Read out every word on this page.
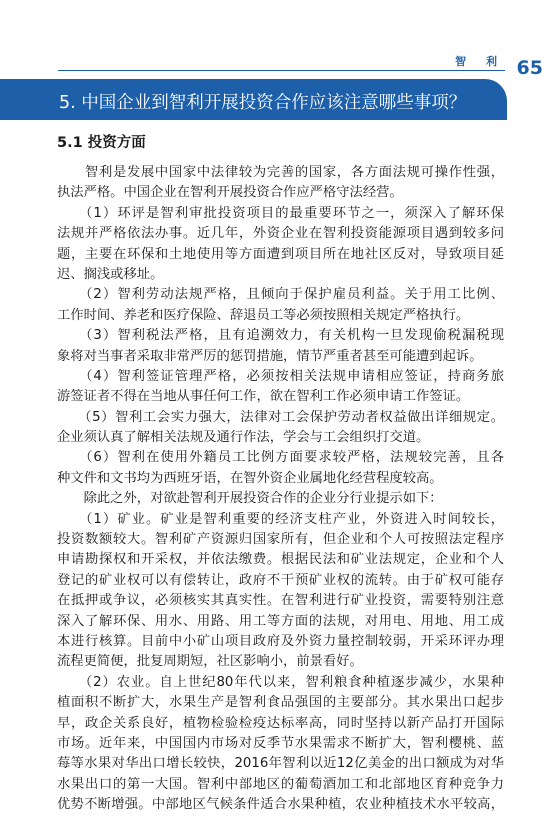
智 利 65
5. 中国企业到智利开展投资合作应该注意哪些事项？
5.1 投资方面
　　智利是发展中国家中法律较为完善的国家，各方面法规可操作性强，
执法严格。中国企业在智利开展投资合作应严格守法经营。
　　（1）环评是智利审批投资项目的最重要环节之一，须深入了解环保
法规并严格依法办事。近几年，外资企业在智利投资能源项目遇到较多问
题，主要在环保和土地使用等方面遭到项目所在地社区反对，导致项目延
迟、搁浅或移址。
　　（2）智利劳动法规严格，且倾向于保护雇员利益。关于用工比例、
工作时间、养老和医疗保险、辞退员工等必须按照相关规定严格执行。
　　（3）智利税法严格，且有追溯效力，有关机构一旦发现偷税漏税现
象将对当事者采取非常严厉的惩罚措施，情节严重者甚至可能遭到起诉。
　　（4）智利签证管理严格，必须按相关法规申请相应签证，持商务旅
游签证者不得在当地从事任何工作，欲在智利工作必须申请工作签证。
　　（5）智利工会实力强大，法律对工会保护劳动者权益做出详细规定。
企业须认真了解相关法规及通行作法，学会与工会组织打交道。
　　（6）智利在使用外籍员工比例方面要求较严格，法规较完善，且各
种文件和文书均为西班牙语，在智外资企业属地化经营程度较高。
　　除此之外，对欲赴智利开展投资合作的企业分行业提示如下：
　　（1）矿业。矿业是智利重要的经济支柱产业，外资进入时间较长，
投资数额较大。智利矿产资源归国家所有，但企业和个人可按照法定程序
申请勘探权和开采权，并依法缴费。根据民法和矿业法规定，企业和个人
登记的矿业权可以有偿转让，政府不干预矿业权的流转。由于矿权可能存
在抵押或争议，必须核实其真实性。在智利进行矿业投资，需要特别注意
深入了解环保、用水、用路、用工等方面的法规，对用电、用地、用工成
本进行核算。目前中小矿山项目政府及外资力量控制较弱，开采环评办理
流程更简便，批复周期短，社区影响小，前景看好。
　　（2）农业。自上世纪80年代以来，智利粮食种植逐步减少，水果种
植面积不断扩大，水果生产是智利食品强国的主要部分。其水果出口起步
早，政企关系良好，植物检验检疫达标率高，同时坚持以新产品打开国际
市场。近年来，中国国内市场对反季节水果需求不断扩大，智利樱桃、蓝
莓等水果对华出口增长较快，2016年智利以近12亿美金的出口额成为对华
水果出口的第一大国。智利中部地区的葡萄酒加工和北部地区育种竞争力
优势不断增强。中部地区气候条件适合水果种植，农业种植技术水平较高，
